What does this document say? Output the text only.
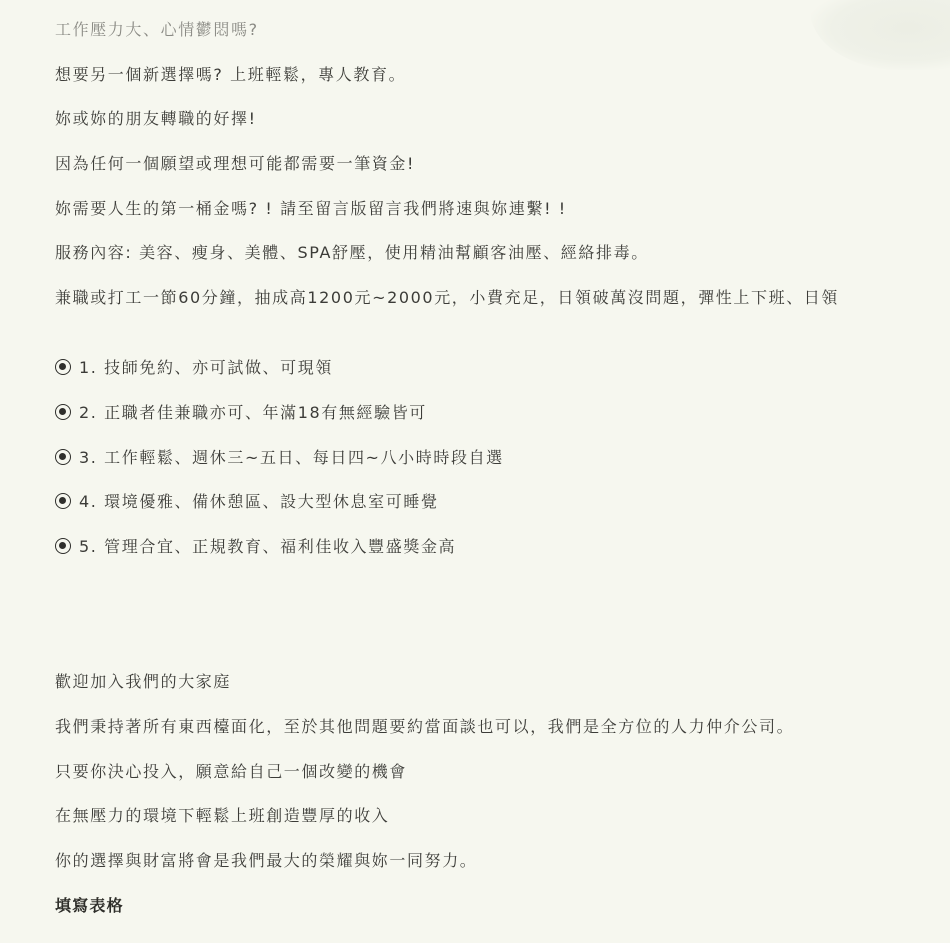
工作壓力大、心情鬱悶嗎?
想要另一個新選擇嗎? 上班輕鬆，專人教育。
妳或妳的朋友轉職的好擇!
因為任何一個願望或理想可能都需要一筆資金!
妳需要人生的第一桶金嗎? ! 請至留言版留言我們將速與妳連繫! !
服務內容: 美容、瘦身、美體、SPA舒壓，使用精油幫顧客油壓、經絡排毒。
兼職或打工一節60分鐘，抽成高1200元~2000元，小費充足，日領破萬沒問題，彈性上下班、日領
1. 技師免約、亦可試做、可現領
2. 正職者佳兼職亦可、年滿18有無經驗皆可
3. 工作輕鬆、週休三~五日、每日四~八小時時段自選
4. 環境優雅、備休憩區、設大型休息室可睡覺
5. 管理合宜、正規教育、福利佳收入豐盛獎金高
歡迎加入我們的大家庭
我們秉持著所有東西檯面化，至於其他問題要約當面談也可以，我們是全方位的人力仲介公司。
只要你決心投入，願意給自己一個改變的機會
在無壓力的環境下輕鬆上班創造豐厚的收入
你的選擇與財富將會是我們最大的榮耀與妳一同努力。
填寫表格
